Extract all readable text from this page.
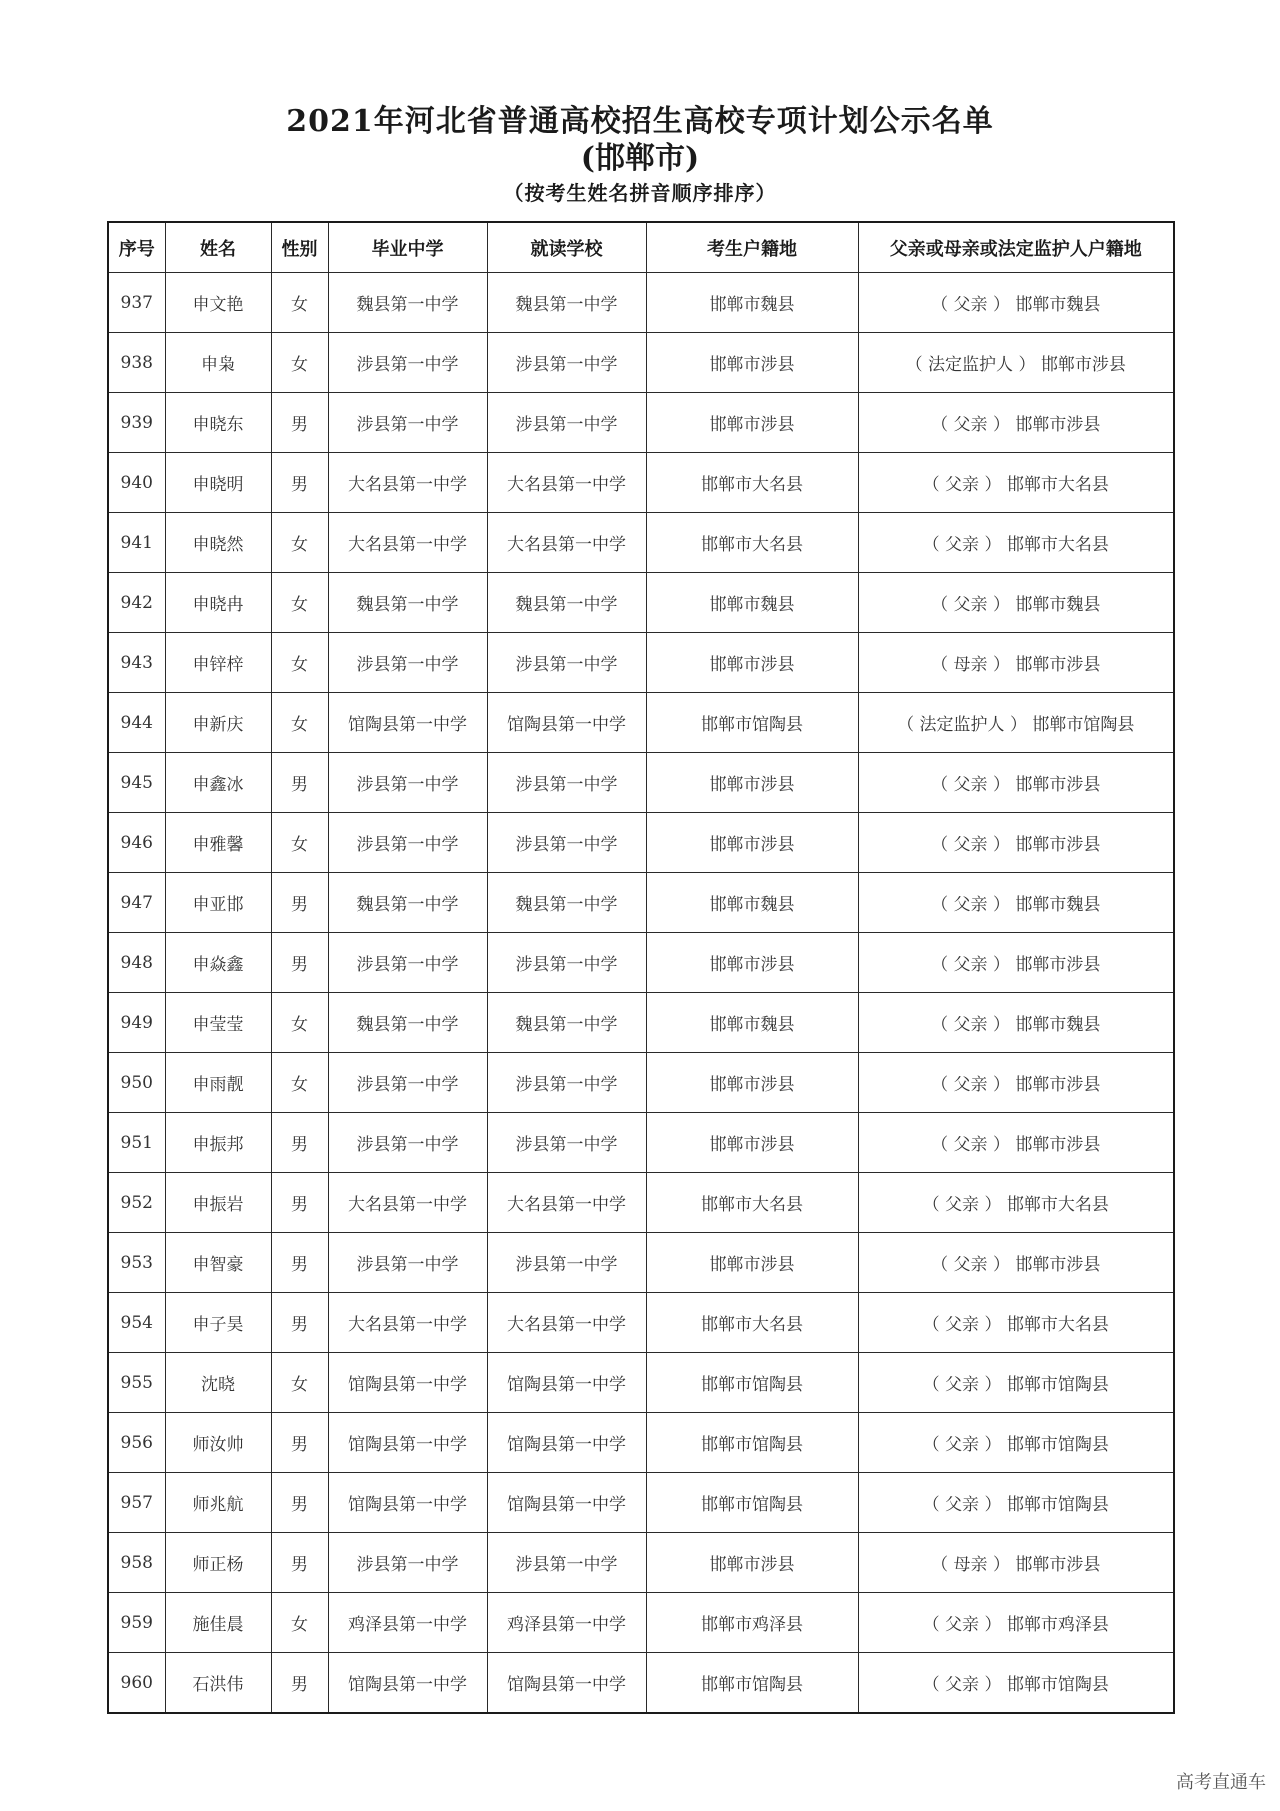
2021年河北省普通高校招生高校专项计划公示名单
(邯郸市)
（按考生姓名拼音顺序排序）
序号	姓名	性别	毕业中学	就读学校	考生户籍地	父亲或母亲或法定监护人户籍地
937	申文艳	女	魏县第一中学	魏县第一中学	邯郸市魏县	（ 父亲 ） 邯郸市魏县
938	申枭	女	涉县第一中学	涉县第一中学	邯郸市涉县	（ 法定监护人 ） 邯郸市涉县
939	申晓东	男	涉县第一中学	涉县第一中学	邯郸市涉县	（ 父亲 ） 邯郸市涉县
940	申晓明	男	大名县第一中学	大名县第一中学	邯郸市大名县	（ 父亲 ） 邯郸市大名县
941	申晓然	女	大名县第一中学	大名县第一中学	邯郸市大名县	（ 父亲 ） 邯郸市大名县
942	申晓冉	女	魏县第一中学	魏县第一中学	邯郸市魏县	（ 父亲 ） 邯郸市魏县
943	申锌梓	女	涉县第一中学	涉县第一中学	邯郸市涉县	（ 母亲 ） 邯郸市涉县
944	申新庆	女	馆陶县第一中学	馆陶县第一中学	邯郸市馆陶县	（ 法定监护人 ） 邯郸市馆陶县
945	申鑫冰	男	涉县第一中学	涉县第一中学	邯郸市涉县	（ 父亲 ） 邯郸市涉县
946	申雅馨	女	涉县第一中学	涉县第一中学	邯郸市涉县	（ 父亲 ） 邯郸市涉县
947	申亚邯	男	魏县第一中学	魏县第一中学	邯郸市魏县	（ 父亲 ） 邯郸市魏县
948	申焱鑫	男	涉县第一中学	涉县第一中学	邯郸市涉县	（ 父亲 ） 邯郸市涉县
949	申莹莹	女	魏县第一中学	魏县第一中学	邯郸市魏县	（ 父亲 ） 邯郸市魏县
950	申雨靓	女	涉县第一中学	涉县第一中学	邯郸市涉县	（ 父亲 ） 邯郸市涉县
951	申振邦	男	涉县第一中学	涉县第一中学	邯郸市涉县	（ 父亲 ） 邯郸市涉县
952	申振岩	男	大名县第一中学	大名县第一中学	邯郸市大名县	（ 父亲 ） 邯郸市大名县
953	申智豪	男	涉县第一中学	涉县第一中学	邯郸市涉县	（ 父亲 ） 邯郸市涉县
954	申子昊	男	大名县第一中学	大名县第一中学	邯郸市大名县	（ 父亲 ） 邯郸市大名县
955	沈晓	女	馆陶县第一中学	馆陶县第一中学	邯郸市馆陶县	（ 父亲 ） 邯郸市馆陶县
956	师汝帅	男	馆陶县第一中学	馆陶县第一中学	邯郸市馆陶县	（ 父亲 ） 邯郸市馆陶县
957	师兆航	男	馆陶县第一中学	馆陶县第一中学	邯郸市馆陶县	（ 父亲 ） 邯郸市馆陶县
958	师正杨	男	涉县第一中学	涉县第一中学	邯郸市涉县	（ 母亲 ） 邯郸市涉县
959	施佳晨	女	鸡泽县第一中学	鸡泽县第一中学	邯郸市鸡泽县	（ 父亲 ） 邯郸市鸡泽县
960	石洪伟	男	馆陶县第一中学	馆陶县第一中学	邯郸市馆陶县	（ 父亲 ） 邯郸市馆陶县
高考直通车
